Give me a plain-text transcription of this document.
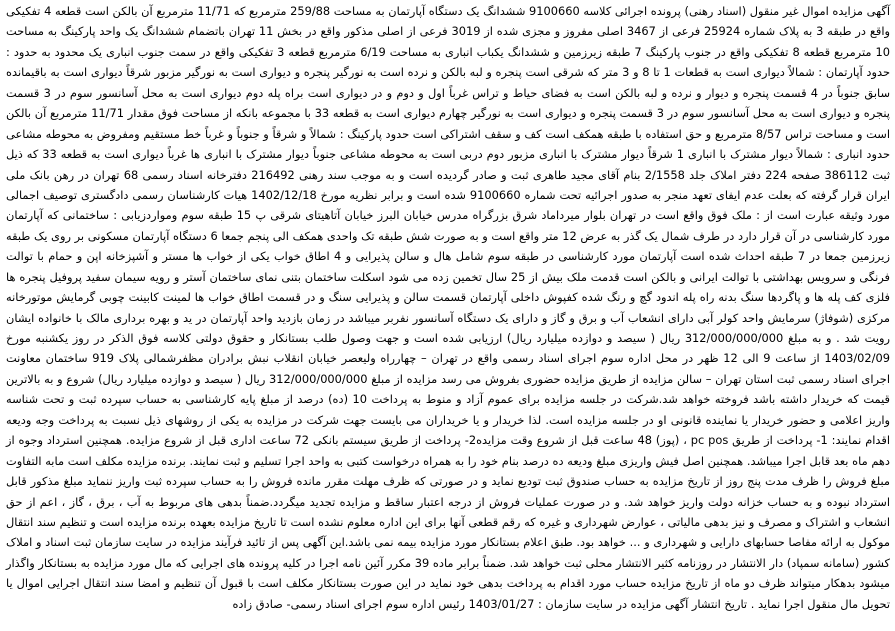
آگهی مزایده اموال غیر منقول (اسناد رهنی) پرونده اجرائی کلاسه 9100660 ششدانگ یک دستگاه آپارتمان به مساحت 259/88 مترمربع که 11/71 مترمربع آن بالکن است قطعه 4 تفکیکی واقع در طبقه 3 به پلاک شماره 25924 فرعی از 3467 اصلی مفروز و مجزی شده از 3019 فرعی از اصلی مذکور واقع در بخش 11 تهران باتضمام ششدانگ یک واحد پارکینگ به مساحت 10 مترمربع قطعه 8 تفکیکی واقع در جنوب پارکینگ 7 طبقه زیرزمین و ششدانگ یکباب انباری به مساحت 6/19 مترمربع قطعه 3 تفکیکی واقع در سمت جنوب انباری یک محدود به حدود : حدود آپارتمان : شمالاً دیواری است به قطعات 1 تا 8 و 3 متر که شرقی است پنجره و لبه بالکن و نرده است به نورگیر پنجره و دیواری است به نورگیر مزبور شرقاً دیواری است به باقیمانده سابق جنوباً در 4 قسمت پنجره و دیوار و نرده و لبه بالکن است به فضای حیاط و تراس غرباً اول و دوم و در دیواری است براه پله دوم دیواری است به محل آسانسور سوم در 3 قسمت پنجره و دیواری است به محل آسانسور سوم در 3 قسمت پنجره و دیواری است به نورگیر چهارم دیواری است به قطعه 33 با مجموعه بانکه از مساحت فوق مقدار 11/71 مترمربع آن بالکن است و مساحت تراس 8/57 مترمربع و حق استفاده با طبقه همکف است کف و سقف اشتراکی است حدود پارکینگ : شمالاً و شرقاً و جنوباً و غرباً خط مستقیم ومفروض به محوطه مشاعی حدود انباری : شمالاً دیوار مشترک با انباری 1 شرقاً دیوار مشترک با انباری مزبور دوم دربی است به محوطه مشاعی جنوباً دیوار مشترک با انباری ها غرباً دیواری است به قطعه 33 که ذیل ثبت 386112 صفحه 224 دفتر املاک جلد 2/1558 بنام آقای مجید طاهری ثبت و صادر گردیده است و به موجب سند رهنی 216492 دفترخانه اسناد رسمی 68 تهران در رهن بانک ملی ایران قرار گرفته که بعلت عدم ایفای تعهد منجر به صدور اجرائیه تحت شماره 9100660 شده است و برابر نظریه مورخ 1402/12/18 هیات کارشناسان رسمی دادگستری توصیف اجمالی مورد وثیقه عبارت است از : ملک فوق واقع است در تهران بلوار میرداماد شرق بزرگراه مدرس خیابان البرز خیابان آتاهیتای شرقی پ 15 طبقه سوم ومواردزیابی : ساختمانی که آپارتمان مورد کارشناسی در آن قرار دارد در طرف شمال یک گذر به عرض 12 متر واقع است و به صورت شش طبقه تک واحدی همکف الی پنجم جمعا 6 دستگاه آپارتمان مسکونی بر روی یک طبقه زیرزمین جمعا در 7 طبقه احداث شده است آپارتمان مورد کارشناسی در طبقه سوم شامل هال و سالن پذیرایی و 4 اطاق خواب یکی از خواب ها مستر و آشپزخانه اپن و حمام با توالت فرنگی و سرویس بهداشتی با توالت ایرانی و بالکن است قدمت ملک بیش از 25 سال تخمین زده می شود اسکلت ساختمان بتنی نمای ساختمان آستر و رویه سیمان سفید پروفیل پنجره ها فلزی کف پله ها و پاگردها سنگ بدنه راه پله اندود گچ و رنگ شده کفپوش داخلی آپارتمان قسمت سالن و پذیرایی سنگ و در قسمت اطاق خواب ها لمینت کابینت چوبی گرمایش موتورخانه مرکزی (شوفاژ) سرمایش واحد کولر آبی دارای انشعاب آب و برق و گاز و دارای یک دستگاه آسانسور نفربر میباشد در زمان بازدید واحد آپارتمان در ید و بهره برداری مالک با خانواده ایشان رویت شد . و به مبلغ 312/000/000/000 ریال ( سیصد و دوازده میلیارد ریال) ارزیابی شده است و جهت وصول طلب بستانکار و حقوق دولتی کلاسه فوق الذکر در روز یکشنبه مورخ 1403/02/09 از ساعت 9 الی 12 ظهر در محل اداره سوم اجرای اسناد رسمی واقع در تهران – چهارراه ولیعصر خیابان انقلاب نبش برادران مظفرشمالی پلاک 919 ساختمان معاونت اجرای اسناد رسمی ثبت استان تهران – سالن مزایده از طریق مزایده حضوری بفروش می رسد مزایده از مبلغ 312/000/000/000 ریال ( سیصد و دوازده میلیارد ریال) شروع و به بالاترین قیمت که خریدار داشته باشد فروخته خواهد شد.شرکت در جلسه مزایده برای عموم آزاد و منوط به پرداخت 10 (ده) درصد از مبلغ پایه کارشناسی به حساب سپرده ثبت و تحت شناسه واریز اعلامی و حضور خریدار یا نماینده قانونی او در جلسه مزایده است. لذا خریدار و یا خریداران می بایست جهت شرکت در مزایده به یکی از روشهای ذیل نسبت به پرداخت وجه ودیعه اقدام نمایند: 1- پرداخت از طریق pc pos ، (پوز) 48 ساعت قبل از شروع وقت مزایده2- پرداخت از طریق سیستم بانکی 72 ساعت اداری قبل از شروع مزایده. همچنین استرداد وجوه از دهم ماه بعد قابل اجرا میباشد. همچنین اصل فیش واریزی مبلغ ودیعه ده درصد بنام خود را به همراه درخواست کتبی به واحد اجرا تسلیم و ثبت نمایند. برنده مزایده مکلف است مابه التفاوت مبلغ فروش را ظرف مدت پنج روز از تاریخ مزایده به حساب صندوق ثبت تودیع نماید و در صورتی که ظرف مهلت مقرر مانده فروش را به حساب سپرده ثبت واریز ننماید مبلغ مذکور قابل استرداد نبوده و به حساب خزانه دولت واریز خواهد شد. و در صورت عملیات فروش از درجه اعتبار ساقط و مزایده تجدید میگردد.ضمناً بدهی های مربوط به آب ، برق ، گاز ، اعم از حق انشعاب و اشتراک و مصرف و نیز بدهی مالیاتی ، عوارض شهرداری و غیره که رقم قطعی آنها برای این اداره معلوم نشده است تا تاریخ مزایده بعهده برنده مزایده است و تنظیم سند انتقال موکول به ارائه مفاصا حسابهای دارایی و شهرداری و ... خواهد بود. طبق اعلام بستانکار مورد مزایده بیمه نمی باشد.این آگهی پس از تائید فرآیند مزایده در سایت سازمان ثبت اسناد و املاک کشور (سامانه سمپاد) دار الانتشار در روزنامه کثیر الانتشار محلی ثبت خواهد شد. ضمناً برابر ماده 39 مکرر آئین نامه اجرا در کلیه پرونده های اجرایی که مال مورد مزایده به بستانکار واگذار میشود بدهکار میتواند ظرف دو ماه از تاریخ مزایده حساب مورد اقدام به پرداخت بدهی خود نماید در این صورت بستانکار مکلف است با قبول آن تنظیم و امضا سند انتقال اجرایی اموال یا تحویل مال منقول اجرا نماید . تاریخ انتشار آگهی مزایده در سایت سازمان : 1403/01/27 رئیس اداره سوم اجرای اسناد رسمی- صادق زاده
